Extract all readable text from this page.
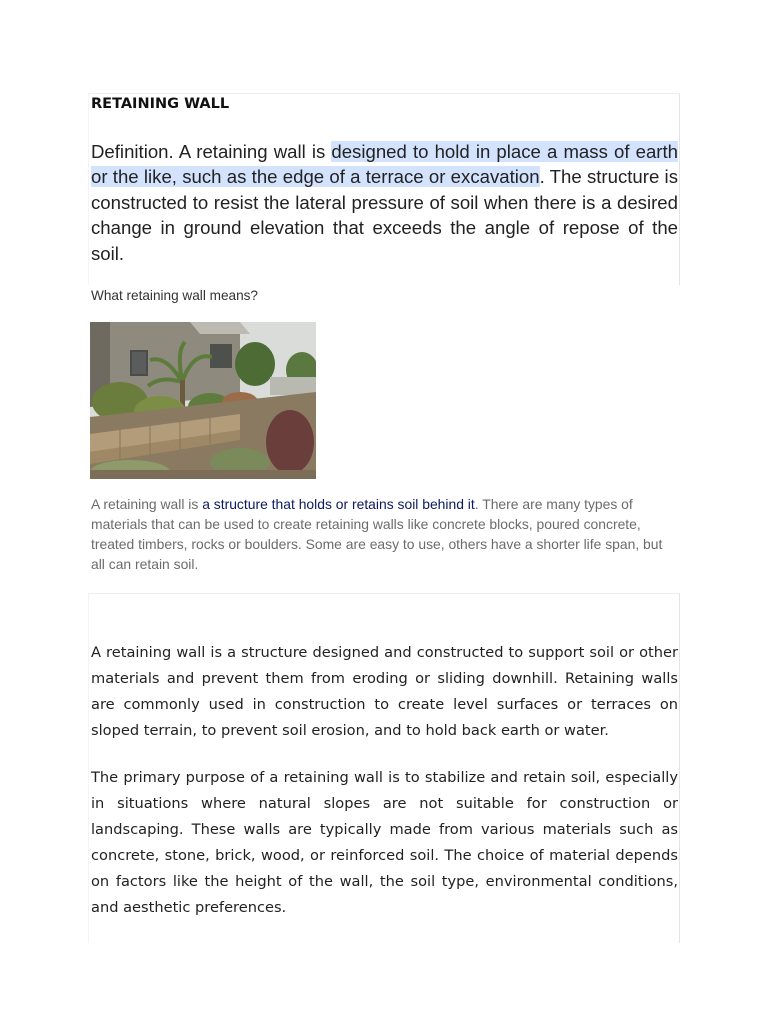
RETAINING WALL
Definition. A retaining wall is designed to hold in place a mass of earth or the like, such as the edge of a terrace or excavation. The structure is constructed to resist the lateral pressure of soil when there is a desired change in ground elevation that exceeds the angle of repose of the soil.
What retaining wall means?
A retaining wall is a structure that holds or retains soil behind it. There are many types of materials that can be used to create retaining walls like concrete blocks, poured concrete, treated timbers, rocks or boulders. Some are easy to use, others have a shorter life span, but all can retain soil.
A retaining wall is a structure designed and constructed to support soil or other materials and prevent them from eroding or sliding downhill. Retaining walls are commonly used in construction to create level surfaces or terraces on sloped terrain, to prevent soil erosion, and to hold back earth or water.
The primary purpose of a retaining wall is to stabilize and retain soil, especially in situations where natural slopes are not suitable for construction or landscaping. These walls are typically made from various materials such as concrete, stone, brick, wood, or reinforced soil. The choice of material depends on factors like the height of the wall, the soil type, environmental conditions, and aesthetic preferences.
